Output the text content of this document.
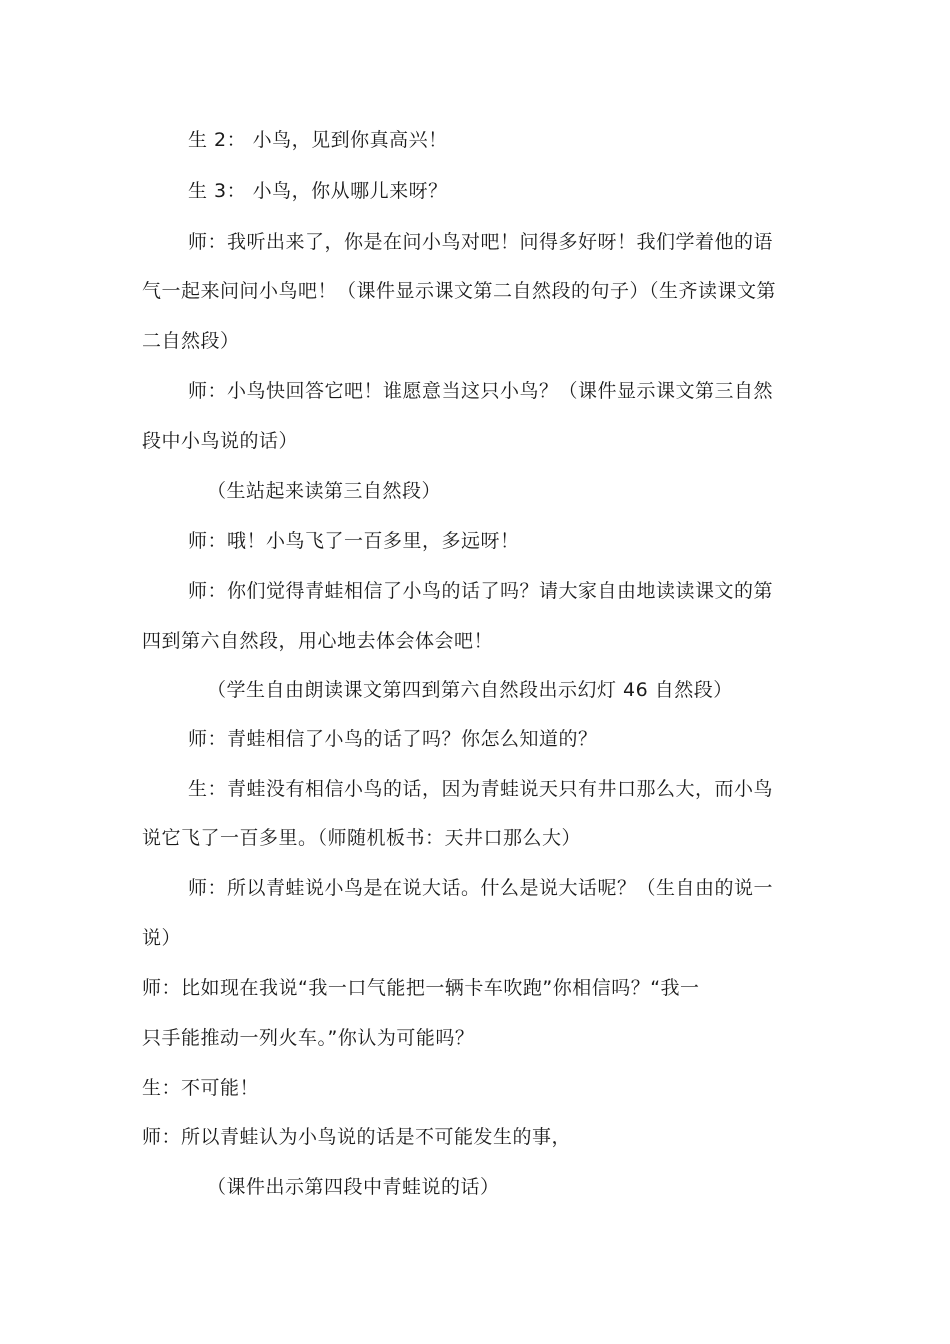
生 2： 小鸟，见到你真高兴！
生 3： 小鸟，你从哪儿来呀？
师：我听出来了，你是在问小鸟对吧！问得多好呀！我们学着他的语
气一起来问问小鸟吧！（课件显示课文第二自然段的句子）（生齐读课文第
二自然段）
师：小鸟快回答它吧！谁愿意当这只小鸟？（课件显示课文第三自然
段中小鸟说的话）
（生站起来读第三自然段）
师：哦！小鸟飞了一百多里，多远呀！
师：你们觉得青蛙相信了小鸟的话了吗？请大家自由地读读课文的第
四到第六自然段，用心地去体会体会吧！
（学生自由朗读课文第四到第六自然段出示幻灯 46 自然段）
师：青蛙相信了小鸟的话了吗？你怎么知道的？
生：青蛙没有相信小鸟的话，因为青蛙说天只有井口那么大，而小鸟
说它飞了一百多里。（师随机板书：天井口那么大）
师：所以青蛙说小鸟是在说大话。什么是说大话呢？（生自由的说一
说）
师：比如现在我说“我一口气能把一辆卡车吹跑”你相信吗？“我一
只手能推动一列火车。”你认为可能吗？
生：不可能！
师：所以青蛙认为小鸟说的话是不可能发生的事，
（课件出示第四段中青蛙说的话）
